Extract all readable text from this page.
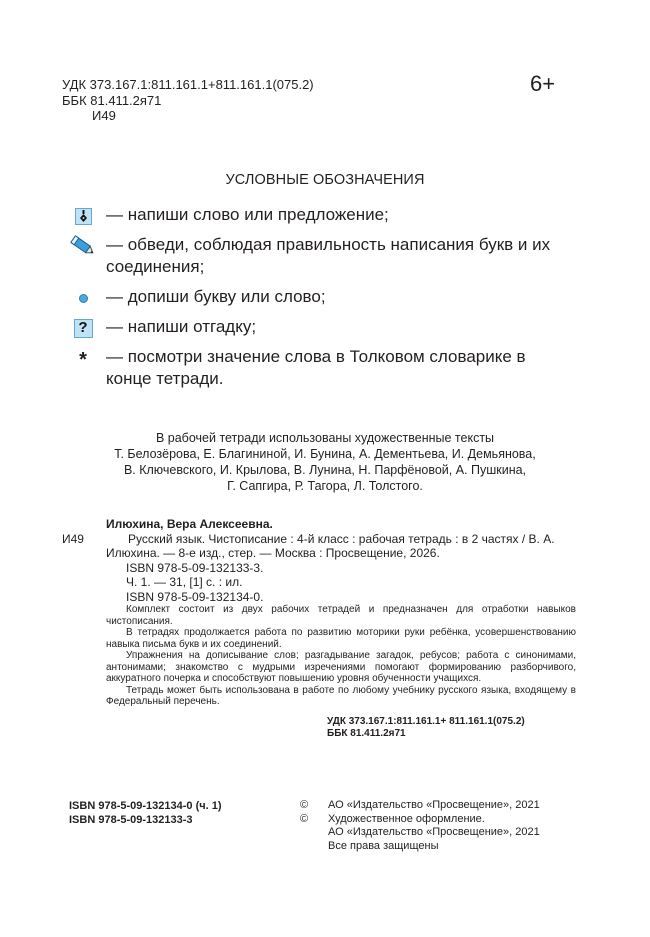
УДК 373.167.1:811.161.1+811.161.1(075.2)
ББК 81.411.2я71
И49
6+
УСЛОВНЫЕ ОБОЗНАЧЕНИЯ
— напиши слово или предложение;
— обведи, соблюдая правильность написания букв и их соединения;
— допиши букву или слово;
? — напиши отгадку;
* — посмотри значение слова в Толковом словарике в конце тетради.
В рабочей тетради использованы художественные тексты
Т. Белозёрова, Е. Благининой, И. Бунина, А. Дементьева, И. Демьянова,
В. Ключевского, И. Крылова, В. Лунина, Н. Парфёновой, А. Пушкина,
Г. Сапгира, Р. Тагора, Л. Толстого.
Илюхина, Вера Алексеевна.
И49	Русский язык. Чистописание : 4-й класс : рабочая тетрадь : в 2 частях / В. А. Илюхина. — 8-е изд., стер. — Москва : Просвещение, 2026.
ISBN 978-5-09-132133-3.
Ч. 1. — 31, [1] с. : ил.
ISBN 978-5-09-132134-0.

Комплект состоит из двух рабочих тетрадей и предназначен для отработки навыков чистописания.

В тетрадях продолжается работа по развитию моторики руки ребёнка, усовершенствованию навыка письма букв и их соединений.

Упражнения на дописывание слов; разгадывание загадок, ребусов; работа с синонимами, антонимами; знакомство с мудрыми изречениями помогают формированию разборчивого, аккуратного почерка и способствуют повышению уровня обученности учащихся.

Тетрадь может быть использована в работе по любому учебнику русского языка, входящему в Федеральный перечень.

УДК 373.167.1:811.161.1+ 811.161.1(075.2)
ББК 81.411.2я71
ISBN 978-5-09-132134-0 (ч. 1)
ISBN 978-5-09-132133-3
© АО «Издательство «Просвещение», 2021
© Художественное оформление.
АО «Издательство «Просвещение», 2021
Все права защищены
